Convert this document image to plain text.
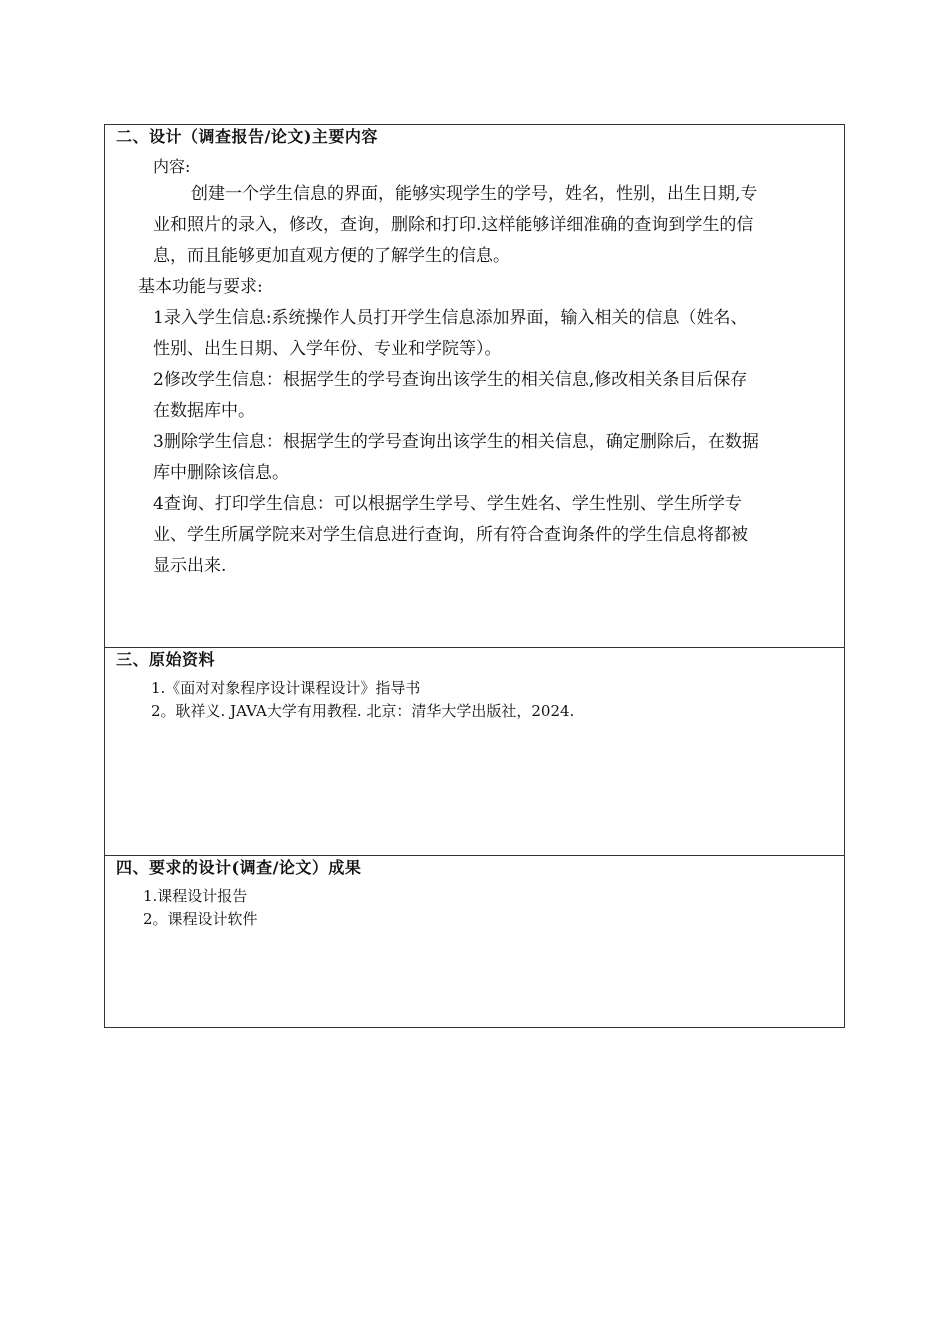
二、设计（调查报告/论文)主要内容
内容:
创建一个学生信息的界面，能够实现学生的学号，姓名，性别，出生日期,专
业和照片的录入，修改，查询，删除和打印.这样能够详细准确的查询到学生的信
息，而且能够更加直观方便的了解学生的信息。
基本功能与要求:
1录入学生信息:系统操作人员打开学生信息添加界面，输入相关的信息（姓名、
性别、出生日期、入学年份、专业和学院等）。
2修改学生信息：根据学生的学号查询出该学生的相关信息,修改相关条目后保存
在数据库中。
3删除学生信息：根据学生的学号查询出该学生的相关信息，确定删除后，在数据
库中删除该信息。
4查询、打印学生信息：可以根据学生学号、学生姓名、学生性别、学生所学专
业、学生所属学院来对学生信息进行查询，所有符合查询条件的学生信息将都被
显示出来.
三、原始资料
1.《面对对象程序设计课程设计》指导书
2。耿祥义. JAVA大学有用教程. 北京：清华大学出版社，2024.
四、要求的设计(调查/论文）成果
1.课程设计报告
2。课程设计软件
